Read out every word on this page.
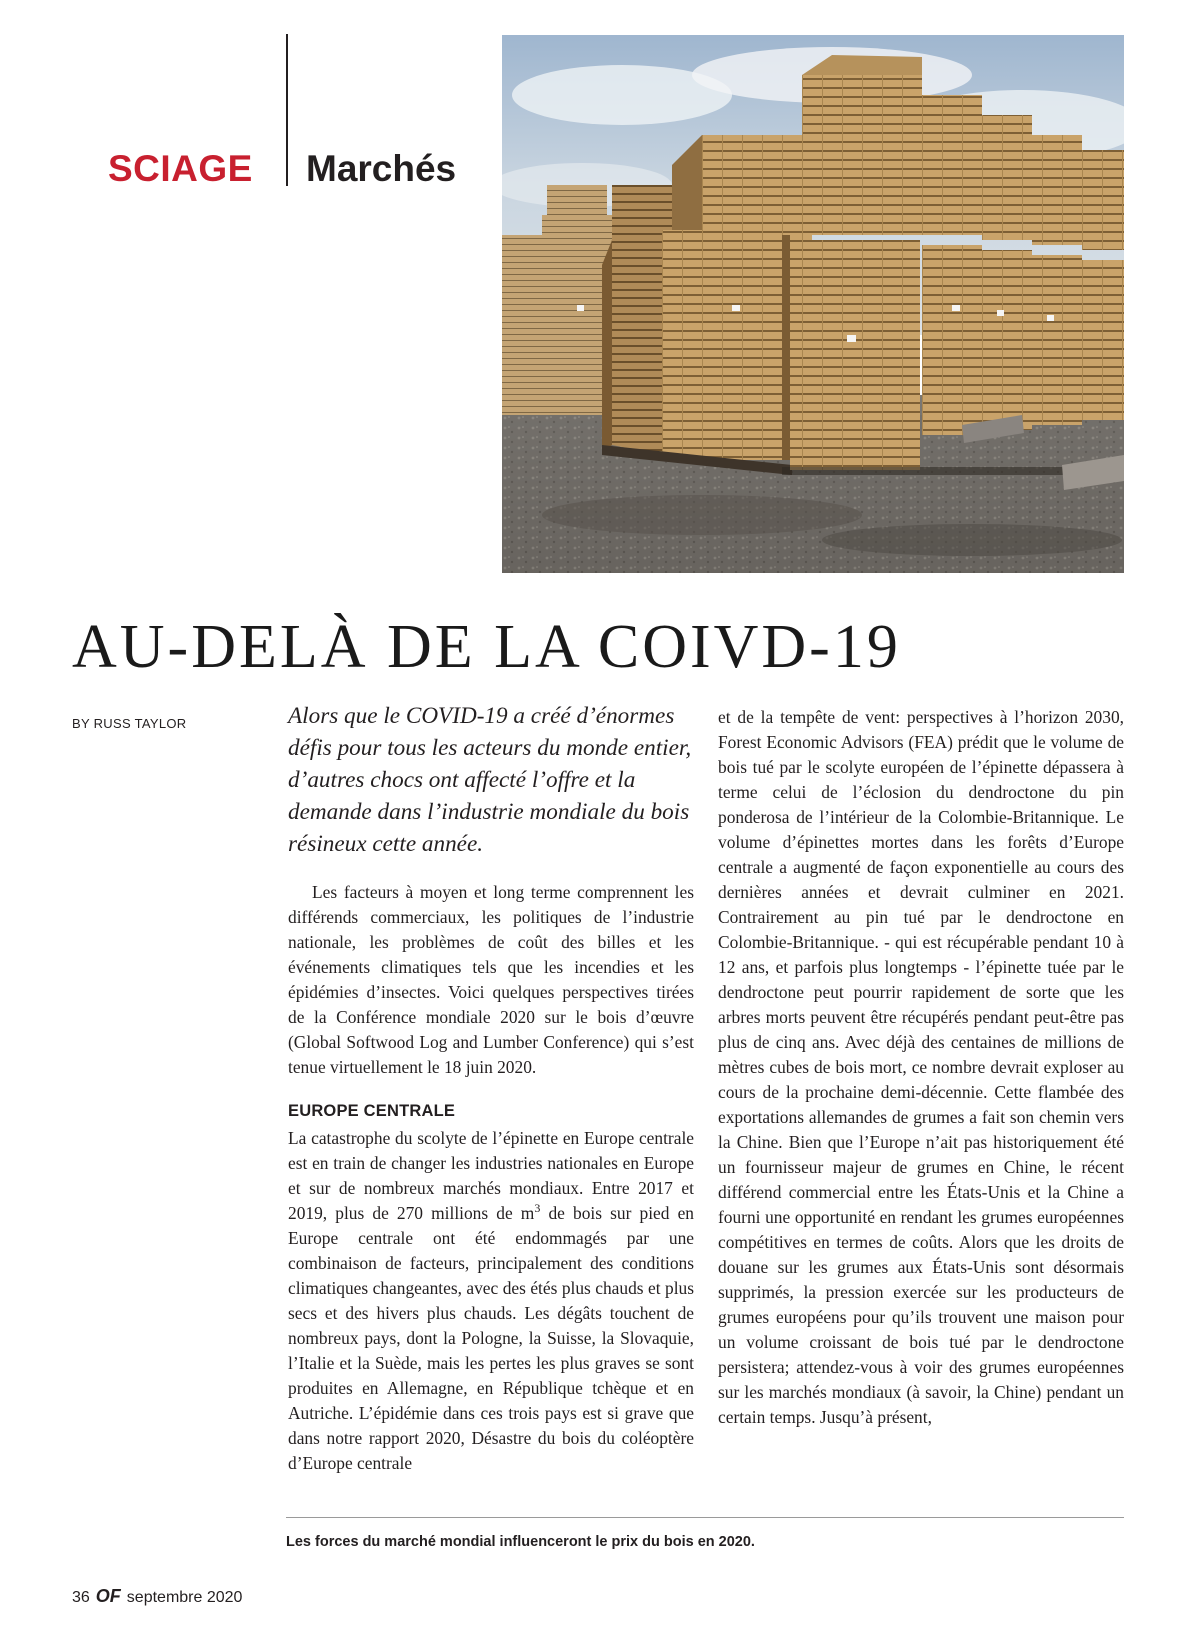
SCIAGE Marchés
AU-DELÀ DE LA COIVD-19
BY RUSS TAYLOR	Alors que le COVID-19 a créé d’énormes défis pour tous les acteurs du monde entier, d’autres chocs ont affecté l’offre et la demande dans l’industrie mondiale du bois résineux cette année.

Les facteurs à moyen et long terme comprennent les différends commerciaux, les politiques de l’industrie nationale, les problèmes de coût des billes et les événements climatiques tels que les incendies et les épidémies d’insectes. Voici quelques perspectives tirées de la Conférence mondiale 2020 sur le bois d’œuvre (Global Softwood Log and Lumber Conference) qui s’est tenue virtuellement le 18 juin 2020.

EUROPE CENTRALE

La catastrophe du scolyte de l’épinette en Europe centrale est en train de changer les industries nationales en Europe et sur de nombreux marchés mondiaux. Entre 2017 et 2019, plus de 270 millions de $m^3$ de bois sur pied en Europe centrale ont été endommagés par une combinaison de facteurs, principalement des conditions climatiques changeantes, avec des étés plus chauds et plus secs et des hivers plus chauds. Les dégâts touchent de nombreux pays, dont la Pologne, la Suisse, la Slovaquie, l’Italie et la Suède, mais les pertes les plus graves se sont produites en Allemagne, en République tchèque et en Autriche. L’épidémie dans ces trois pays est si grave que dans notre rapport 2020, Désastre du bois du coléoptère d’Europe centrale

et de la tempête de vent: perspectives à l’horizon 2030, Forest Economic Advisors (FEA) prédit que le volume de bois tué par le scolyte européen de l’épinette dépassera à terme celui de l’éclosion du dendroctone du pin ponderosa de l’intérieur de la Colombie-Britannique. Le volume d’épinettes mortes dans les forêts d’Europe centrale a augmenté de façon exponentielle au cours des dernières années et devrait culminer en 2021. Contrairement au pin tué par le dendroctone en Colombie-Britannique. - qui est récupérable pendant 10 à 12 ans, et parfois plus longtemps - l’épinette tuée par le dendroctone peut pourrir rapidement de sorte que les arbres morts peuvent être récupérés pendant peut-être pas plus de cinq ans. Avec déjà des centaines de millions de mètres cubes de bois mort, ce nombre devrait exploser au cours de la prochaine demi-décennie. Cette flambée des exportations allemandes de grumes a fait son chemin vers la Chine. Bien que l’Europe n’ait pas historiquement été un fournisseur majeur de grumes en Chine, le récent différend commercial entre les États-Unis et la Chine a fourni une opportunité en rendant les grumes européennes compétitives en termes de coûts. Alors que les droits de douane sur les grumes aux États-Unis sont désormais supprimés, la pression exercée sur les producteurs de grumes européens pour qu’ils trouvent une maison pour un volume croissant de bois tué par le dendroctone persistera; attendez-vous à voir des grumes européennes sur les marchés mondiaux (à savoir, la Chine) pendant un certain temps. Jusqu’à présent,

Les forces du marché mondial influenceront le prix du bois en 2020.
36 OF septembre 2020
